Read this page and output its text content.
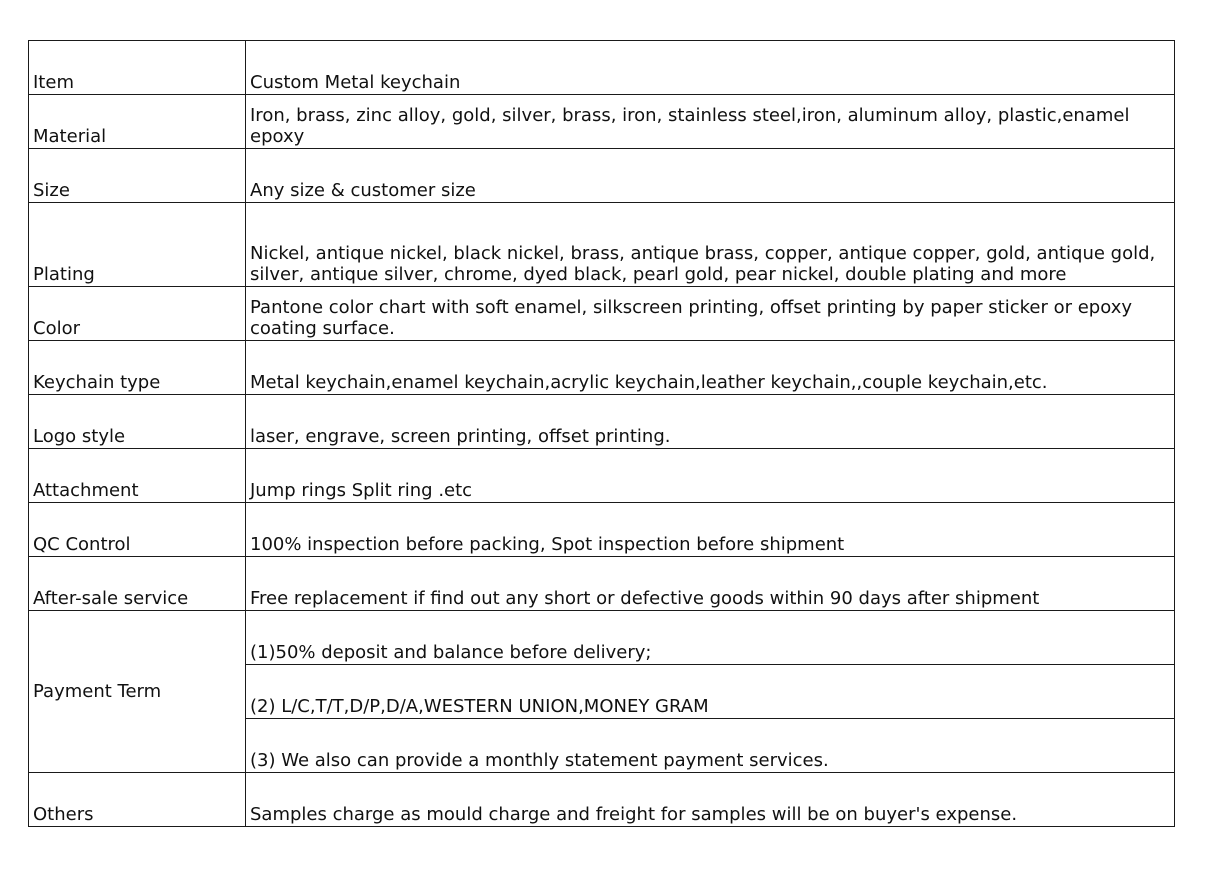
Item	Custom Metal keychain
Material	Iron, brass, zinc alloy, gold, silver, brass, iron, stainless steel,iron, aluminum alloy, plastic,enamel epoxy
Size	Any size & customer size
Plating	Nickel, antique nickel, black nickel, brass, antique brass, copper, antique copper, gold, antique gold, silver, antique silver, chrome, dyed black, pearl gold, pear nickel, double plating and more
Color	Pantone color chart with soft enamel, silkscreen printing, offset printing by paper sticker or epoxy coating surface.
Keychain type	Metal keychain,enamel keychain,acrylic keychain,leather keychain,,couple keychain,etc.
Logo style	laser, engrave, screen printing, offset printing.
Attachment	Jump rings Split ring .etc
QC Control	100% inspection before packing, Spot inspection before shipment
After-sale service	Free replacement if find out any short or defective goods within 90 days after shipment
Payment Term	(1)50% deposit and balance before delivery;
	(2) L/C,T/T,D/P,D/A,WESTERN UNION,MONEY GRAM
	(3) We also can provide a monthly statement payment services.
Others	Samples charge as mould charge and freight for samples will be on buyer's expense.
